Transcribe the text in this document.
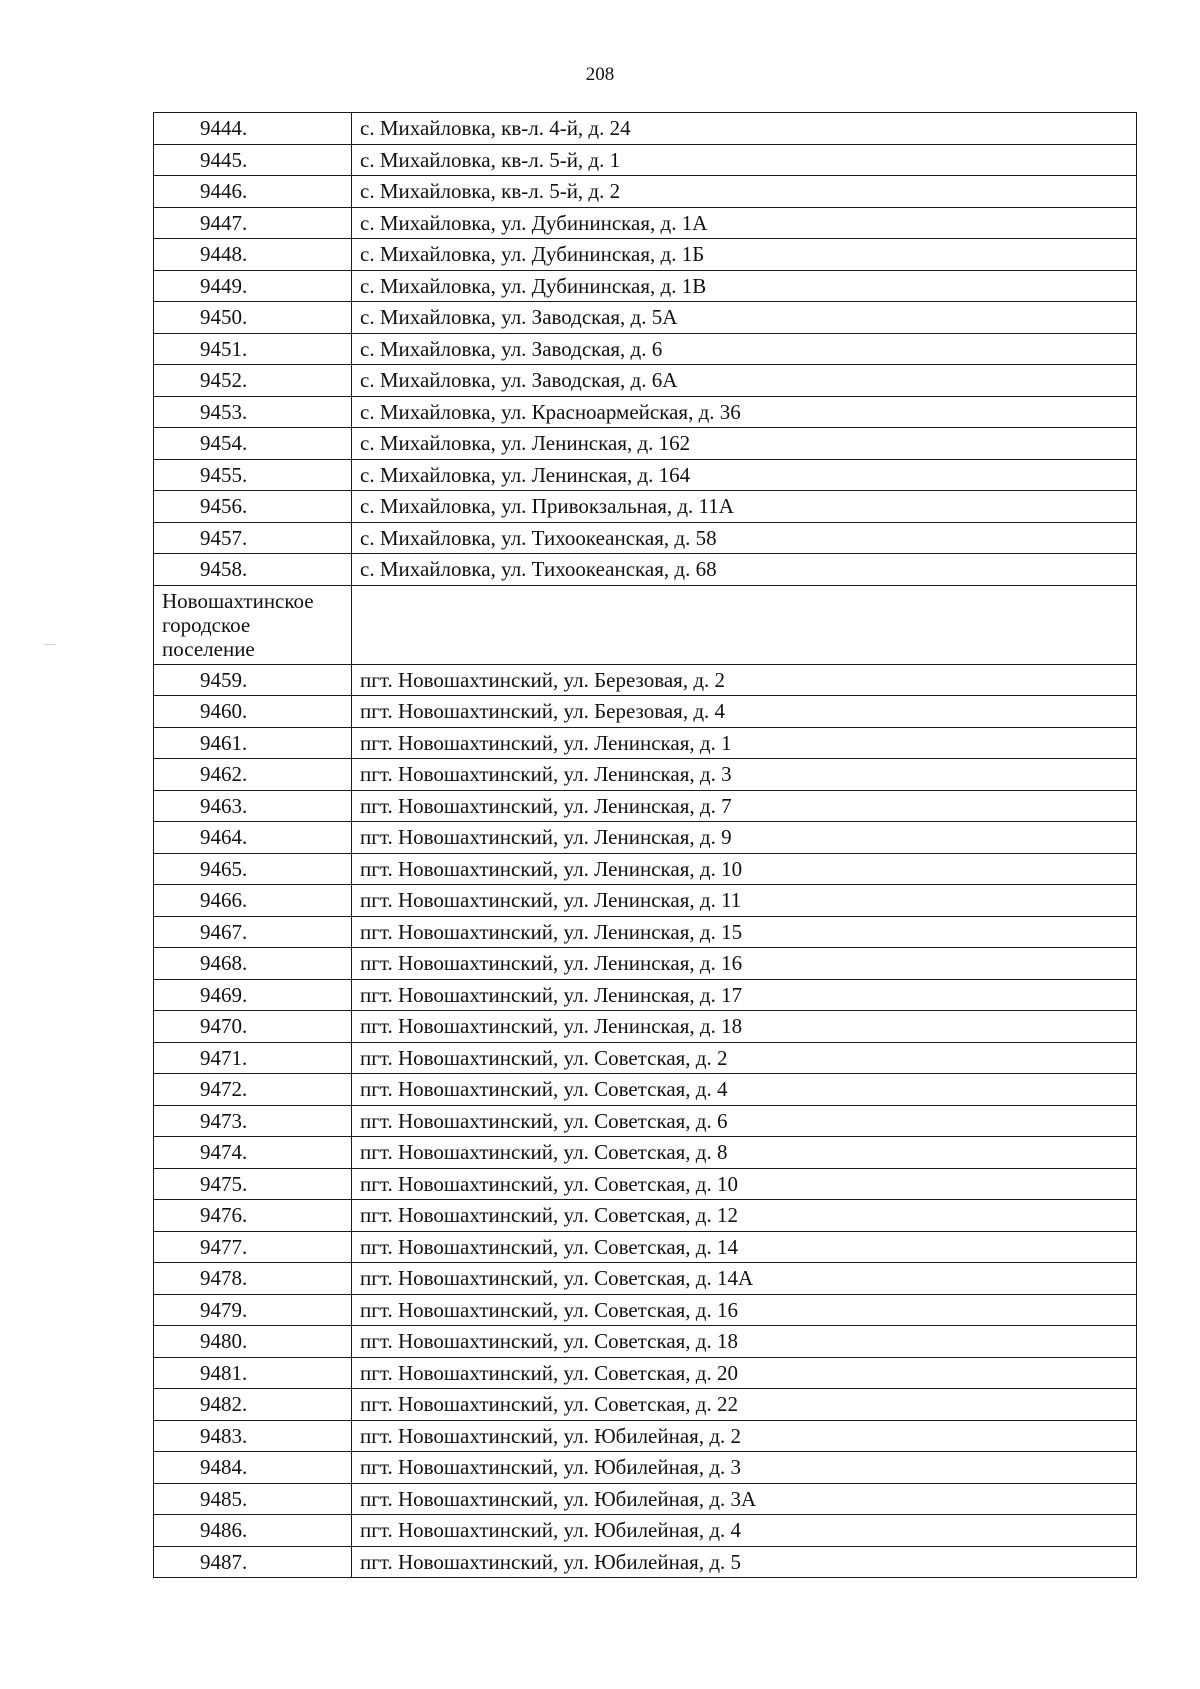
208
9444.	с. Михайловка, кв-л. 4-й, д. 24
9445.	с. Михайловка, кв-л. 5-й, д. 1
9446.	с. Михайловка, кв-л. 5-й, д. 2
9447.	с. Михайловка, ул. Дубининская, д. 1А
9448.	с. Михайловка, ул. Дубининская, д. 1Б
9449.	с. Михайловка, ул. Дубининская, д. 1В
9450.	с. Михайловка, ул. Заводская, д. 5А
9451.	с. Михайловка, ул. Заводская, д. 6
9452.	с. Михайловка, ул. Заводская, д. 6А
9453.	с. Михайловка, ул. Красноармейская, д. 36
9454.	с. Михайловка, ул. Ленинская, д. 162
9455.	с. Михайловка, ул. Ленинская, д. 164
9456.	с. Михайловка, ул. Привокзальная, д. 11А
9457.	с. Михайловка, ул. Тихоокеанская, д. 58
9458.	с. Михайловка, ул. Тихоокеанская, д. 68

Новошахтинское
городское
поселение	

9459.	пгт. Новошахтинский, ул. Березовая, д. 2
9460.	пгт. Новошахтинский, ул. Березовая, д. 4
9461.	пгт. Новошахтинский, ул. Ленинская, д. 1
9462.	пгт. Новошахтинский, ул. Ленинская, д. 3
9463.	пгт. Новошахтинский, ул. Ленинская, д. 7
9464.	пгт. Новошахтинский, ул. Ленинская, д. 9
9465.	пгт. Новошахтинский, ул. Ленинская, д. 10
9466.	пгт. Новошахтинский, ул. Ленинская, д. 11
9467.	пгт. Новошахтинский, ул. Ленинская, д. 15
9468.	пгт. Новошахтинский, ул. Ленинская, д. 16
9469.	пгт. Новошахтинский, ул. Ленинская, д. 17
9470.	пгт. Новошахтинский, ул. Ленинская, д. 18
9471.	пгт. Новошахтинский, ул. Советская, д. 2
9472.	пгт. Новошахтинский, ул. Советская, д. 4
9473.	пгт. Новошахтинский, ул. Советская, д. 6
9474.	пгт. Новошахтинский, ул. Советская, д. 8
9475.	пгт. Новошахтинский, ул. Советская, д. 10
9476.	пгт. Новошахтинский, ул. Советская, д. 12
9477.	пгт. Новошахтинский, ул. Советская, д. 14
9478.	пгт. Новошахтинский, ул. Советская, д. 14А
9479.	пгт. Новошахтинский, ул. Советская, д. 16
9480.	пгт. Новошахтинский, ул. Советская, д. 18
9481.	пгт. Новошахтинский, ул. Советская, д. 20
9482.	пгт. Новошахтинский, ул. Советская, д. 22
9483.	пгт. Новошахтинский, ул. Юбилейная, д. 2
9484.	пгт. Новошахтинский, ул. Юбилейная, д. 3
9485.	пгт. Новошахтинский, ул. Юбилейная, д. 3А
9486.	пгт. Новошахтинский, ул. Юбилейная, д. 4
9487.	пгт. Новошахтинский, ул. Юбилейная, д. 5
